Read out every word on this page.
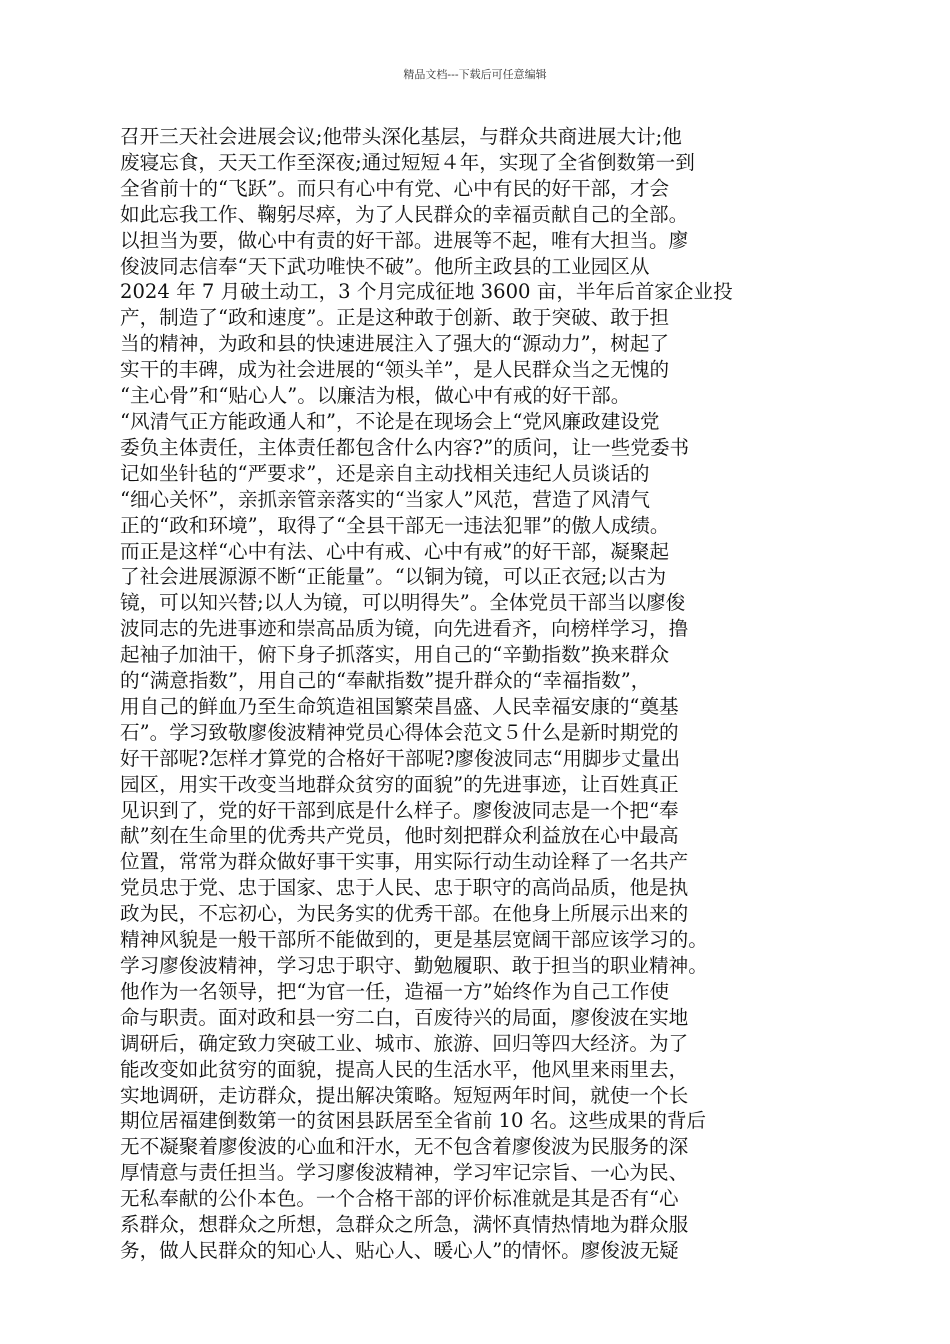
精品文档---下载后可任意编辑
召开三天社会进展会议;他带头深化基层，与群众共商进展大计;他
废寝忘食，天天工作至深夜;通过短短４年，实现了全省倒数第一到
全省前十的“飞跃”。而只有心中有党、心中有民的好干部，才会
如此忘我工作、鞠躬尽瘁，为了人民群众的幸福贡献自己的全部。
以担当为要，做心中有责的好干部。进展等不起，唯有大担当。廖
俊波同志信奉“天下武功唯快不破”。他所主政县的工业园区从
2024 年 7 月破土动工，3 个月完成征地 3600 亩，半年后首家企业投
产，制造了“政和速度”。正是这种敢于创新、敢于突破、敢于担
当的精神，为政和县的快速进展注入了强大的“源动力”，树起了
实干的丰碑，成为社会进展的“领头羊”，是人民群众当之无愧的
“主心骨”和“贴心人”。以廉洁为根，做心中有戒的好干部。
“风清气正方能政通人和”，不论是在现场会上“党风廉政建设党
委负主体责任，主体责任都包含什么内容?”的质问，让一些党委书
记如坐针毡的“严要求”，还是亲自主动找相关违纪人员谈话的
“细心关怀”，亲抓亲管亲落实的“当家人”风范，营造了风清气
正的“政和环境”，取得了“全县干部无一违法犯罪”的傲人成绩。
而正是这样“心中有法、心中有戒、心中有戒”的好干部，凝聚起
了社会进展源源不断“正能量”。“以铜为镜，可以正衣冠;以古为
镜，可以知兴替;以人为镜，可以明得失”。全体党员干部当以廖俊
波同志的先进事迹和崇高品质为镜，向先进看齐，向榜样学习，撸
起袖子加油干，俯下身子抓落实，用自己的“辛勤指数”换来群众
的“满意指数”，用自己的“奉献指数”提升群众的“幸福指数”，
用自己的鲜血乃至生命筑造祖国繁荣昌盛、人民幸福安康的“奠基
石”。学习致敬廖俊波精神党员心得体会范文５什么是新时期党的
好干部呢?怎样才算党的合格好干部呢?廖俊波同志“用脚步丈量出
园区，用实干改变当地群众贫穷的面貌”的先进事迹，让百姓真正
见识到了，党的好干部到底是什么样子。廖俊波同志是一个把“奉
献”刻在生命里的优秀共产党员，他时刻把群众利益放在心中最高
位置，常常为群众做好事干实事，用实际行动生动诠释了一名共产
党员忠于党、忠于国家、忠于人民、忠于职守的高尚品质，他是执
政为民，不忘初心，为民务实的优秀干部。在他身上所展示出来的
精神风貌是一般干部所不能做到的，更是基层宽阔干部应该学习的。
学习廖俊波精神，学习忠于职守、勤勉履职、敢于担当的职业精神。
他作为一名领导，把“为官一任，造福一方”始终作为自己工作使
命与职责。面对政和县一穷二白，百废待兴的局面，廖俊波在实地
调研后，确定致力突破工业、城市、旅游、回归等四大经济。为了
能改变如此贫穷的面貌，提高人民的生活水平，他风里来雨里去，
实地调研，走访群众，提出解决策略。短短两年时间，就使一个长
期位居福建倒数第一的贫困县跃居至全省前 10 名。这些成果的背后
无不凝聚着廖俊波的心血和汗水，无不包含着廖俊波为民服务的深
厚情意与责任担当。学习廖俊波精神，学习牢记宗旨、一心为民、
无私奉献的公仆本色。一个合格干部的评价标准就是其是否有“心
系群众，想群众之所想，急群众之所急，满怀真情热情地为群众服
务，做人民群众的知心人、贴心人、暖心人”的情怀。廖俊波无疑
